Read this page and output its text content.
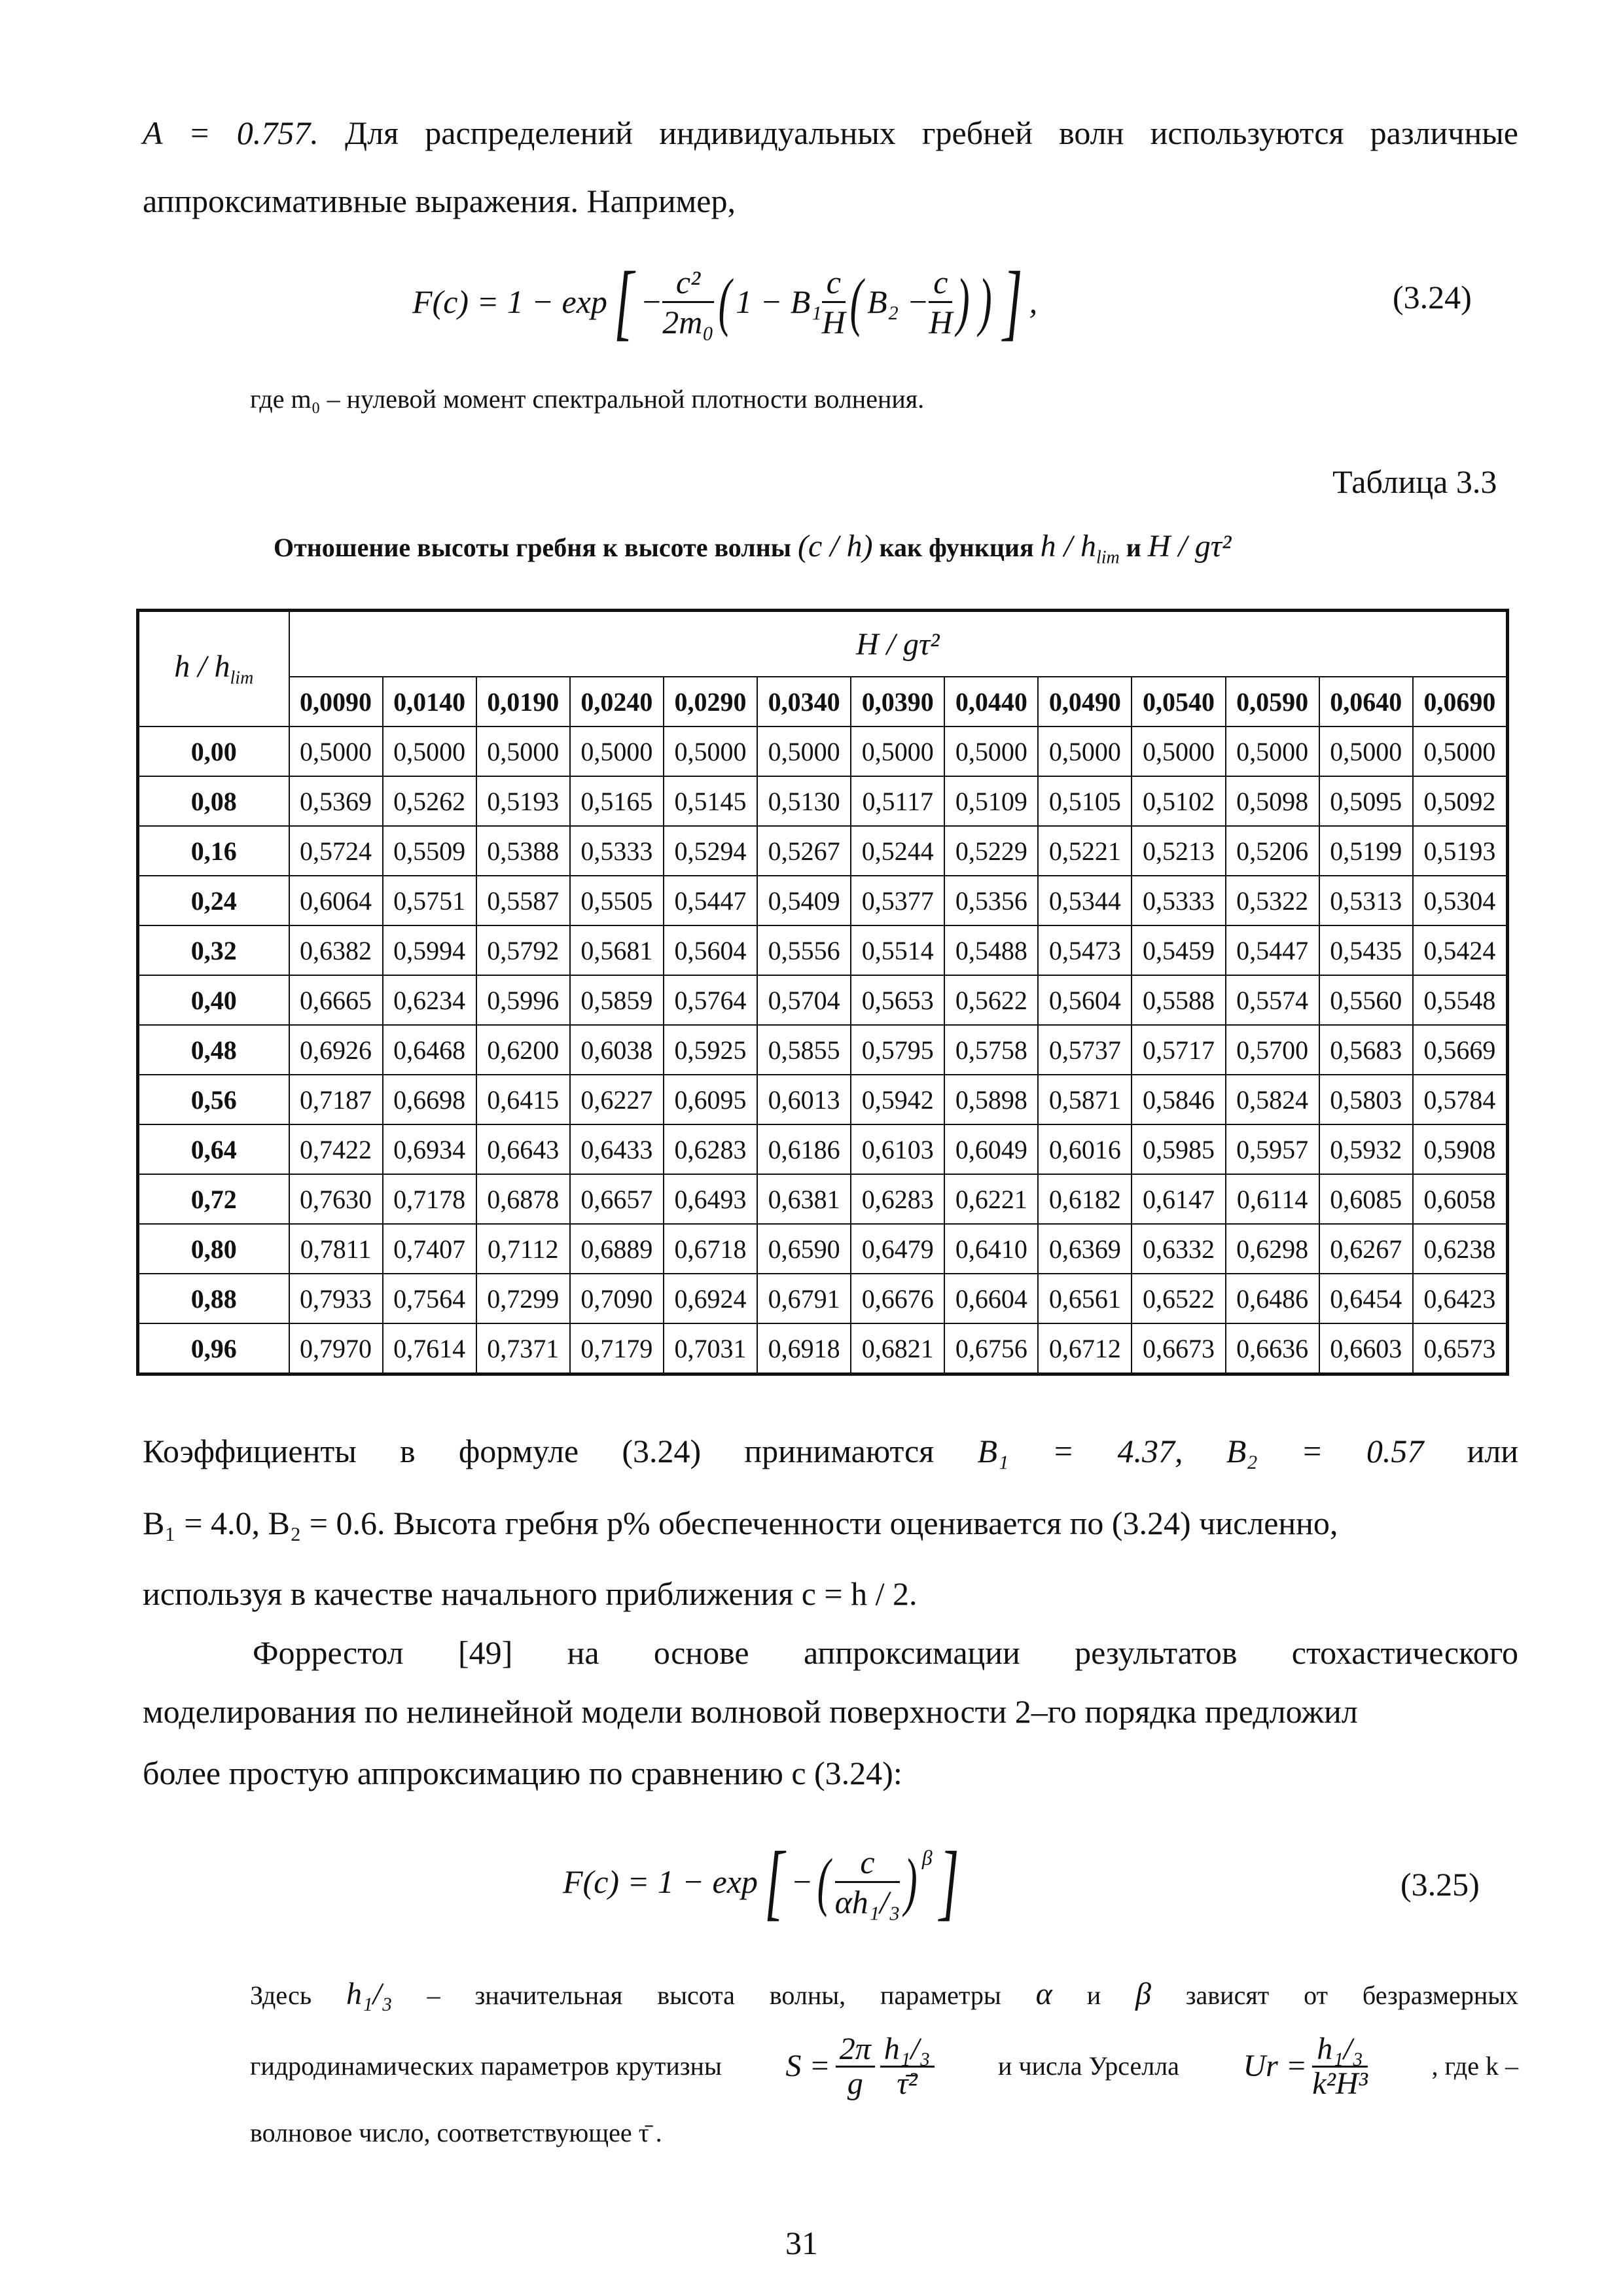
A = 0.757. Для распределений индивидуальных гребней волн используются различные
аппроксимативные выражения. Например,
F(c) = 1 − exp [ − $\frac{\text{c²}}{\text{2m₀}}$ ( $1 - B_1 \frac{c}{H}$ ( $B_2 - \frac{c}{H}$ ) ) ] ,	(3.24)
где m₀ – нулевой момент спектральной плотности волнения.
Таблица 3.3
Отношение высоты гребня к высоте волны (c / h) как функция h / $h_{lim}$ и H / gτ²
h / $h_{lim}$	H / gτ²												
	0,0090	0,0140	0,0190	0,0240	0,0290	0,0340	0,0390	0,0440	0,0490	0,0540	0,0590	0,0640	0,0690
0,00	0,5000	0,5000	0,5000	0,5000	0,5000	0,5000	0,5000	0,5000	0,5000	0,5000	0,5000	0,5000	0,5000
0,08	0,5369	0,5262	0,5193	0,5165	0,5145	0,5130	0,5117	0,5109	0,5105	0,5102	0,5098	0,5095	0,5092
0,16	0,5724	0,5509	0,5388	0,5333	0,5294	0,5267	0,5244	0,5229	0,5221	0,5213	0,5206	0,5199	0,5193
0,24	0,6064	0,5751	0,5587	0,5505	0,5447	0,5409	0,5377	0,5356	0,5344	0,5333	0,5322	0,5313	0,5304
0,32	0,6382	0,5994	0,5792	0,5681	0,5604	0,5556	0,5514	0,5488	0,5473	0,5459	0,5447	0,5435	0,5424
0,40	0,6665	0,6234	0,5996	0,5859	0,5764	0,5704	0,5653	0,5622	0,5604	0,5588	0,5574	0,5560	0,5548
0,48	0,6926	0,6468	0,6200	0,6038	0,5925	0,5855	0,5795	0,5758	0,5737	0,5717	0,5700	0,5683	0,5669
0,56	0,7187	0,6698	0,6415	0,6227	0,6095	0,6013	0,5942	0,5898	0,5871	0,5846	0,5824	0,5803	0,5784
0,64	0,7422	0,6934	0,6643	0,6433	0,6283	0,6186	0,6103	0,6049	0,6016	0,5985	0,5957	0,5932	0,5908
0,72	0,7630	0,7178	0,6878	0,6657	0,6493	0,6381	0,6283	0,6221	0,6182	0,6147	0,6114	0,6085	0,6058
0,80	0,7811	0,7407	0,7112	0,6889	0,6718	0,6590	0,6479	0,6410	0,6369	0,6332	0,6298	0,6267	0,6238
0,88	0,7933	0,7564	0,7299	0,7090	0,6924	0,6791	0,6676	0,6604	0,6561	0,6522	0,6486	0,6454	0,6423
0,96	0,7970	0,7614	0,7371	0,7179	0,7031	0,6918	0,6821	0,6756	0,6712	0,6673	0,6636	0,6603	0,6573
Коэффициенты в формуле (3.24) принимаются B₁ = 4.37, B₂ = 0.57 или
B₁ = 4.0, B₂ = 0.6. Высота гребня p% обеспеченности оценивается по (3.24) численно,
используя в качестве начального приближения c = h / 2.
Форрестол [49] на основе аппроксимации результатов стохастического
моделирования по нелинейной модели волновой поверхности 2–го порядка предложил
более простую аппроксимацию по сравнению с (3.24):
F(c) = 1 − exp [ − ( $\frac{c}{\text{αh₁/₃}} )^\beta$ ]	(3.25)
Здесь h₁/₃ – значительная высота волны, параметры α и β зависят от безразмерных
гидродинамических параметров крутизны $S = \frac{2\pi}{g} \frac{\text{h₁/₃}}{\text{τ̄²}}$ и числа Урселла $Ur = \frac{\text{h₁/₃}}{\text{k²H³}}$ , где k –
волновое число, соответствующее τ̄ .
31
